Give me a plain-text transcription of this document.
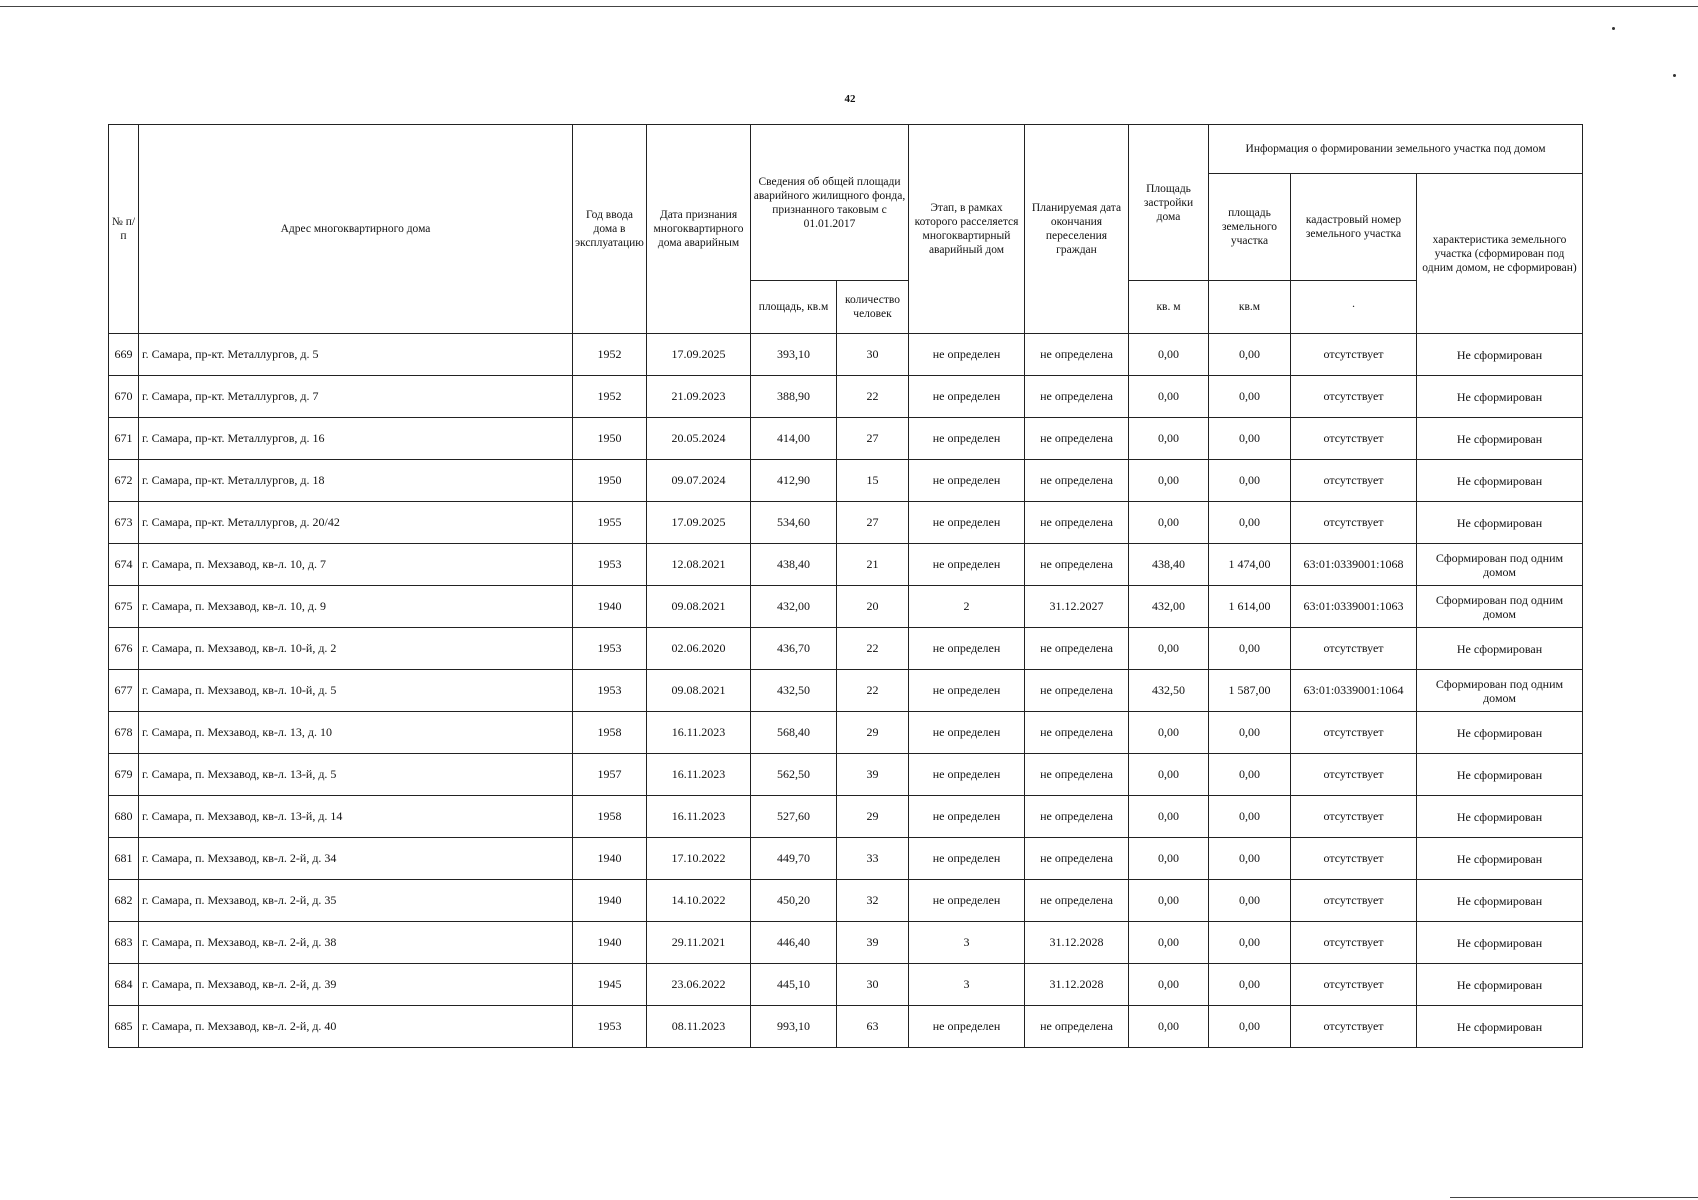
42
№ п/п	Адрес многоквартирного дома	Год ввода дома в эксплуатацию	Дата признания многоквартирного дома аварийным	Сведения об общей площади аварийного жилищного фонда, признанного таковым с 01.01.2017		Этап, в рамках которого расселяется многоквартирный аварийный дом	Планируемая дата окончания переселения граждан	Площадь застройки дома	Информация о формировании земельного участка под домом		
									площадь земельного участка	кадастровый номер земельного участка	характеристика земельного участка (сформирован под одним домом, не сформирован)
				площадь, кв.м	количество человек			кв. м	кв.м	·	
669	г. Самара, пр-кт. Металлургов, д. 5	1952	17.09.2025	393,10	30	не определен	не определена	0,00	0,00	отсутствует	Не сформирован
670	г. Самара, пр-кт. Металлургов, д. 7	1952	21.09.2023	388,90	22	не определен	не определена	0,00	0,00	отсутствует	Не сформирован
671	г. Самара, пр-кт. Металлургов, д. 16	1950	20.05.2024	414,00	27	не определен	не определена	0,00	0,00	отсутствует	Не сформирован
672	г. Самара, пр-кт. Металлургов, д. 18	1950	09.07.2024	412,90	15	не определен	не определена	0,00	0,00	отсутствует	Не сформирован
673	г. Самара, пр-кт. Металлургов, д. 20/42	1955	17.09.2025	534,60	27	не определен	не определена	0,00	0,00	отсутствует	Не сформирован
674	г. Самара, п. Мехзавод, кв-л. 10, д. 7	1953	12.08.2021	438,40	21	не определен	не определена	438,40	1 474,00	63:01:0339001:1068	Сформирован под одним домом
675	г. Самара, п. Мехзавод, кв-л. 10, д. 9	1940	09.08.2021	432,00	20	2	31.12.2027	432,00	1 614,00	63:01:0339001:1063	Сформирован под одним домом
676	г. Самара, п. Мехзавод, кв-л. 10-й, д. 2	1953	02.06.2020	436,70	22	не определен	не определена	0,00	0,00	отсутствует	Не сформирован
677	г. Самара, п. Мехзавод, кв-л. 10-й, д. 5	1953	09.08.2021	432,50	22	не определен	не определена	432,50	1 587,00	63:01:0339001:1064	Сформирован под одним домом
678	г. Самара, п. Мехзавод, кв-л. 13, д. 10	1958	16.11.2023	568,40	29	не определен	не определена	0,00	0,00	отсутствует	Не сформирован
679	г. Самара, п. Мехзавод, кв-л. 13-й, д. 5	1957	16.11.2023	562,50	39	не определен	не определена	0,00	0,00	отсутствует	Не сформирован
680	г. Самара, п. Мехзавод, кв-л. 13-й, д. 14	1958	16.11.2023	527,60	29	не определен	не определена	0,00	0,00	отсутствует	Не сформирован
681	г. Самара, п. Мехзавод, кв-л. 2-й, д. 34	1940	17.10.2022	449,70	33	не определен	не определена	0,00	0,00	отсутствует	Не сформирован
682	г. Самара, п. Мехзавод, кв-л. 2-й, д. 35	1940	14.10.2022	450,20	32	не определен	не определена	0,00	0,00	отсутствует	Не сформирован
683	г. Самара, п. Мехзавод, кв-л. 2-й, д. 38	1940	29.11.2021	446,40	39	3	31.12.2028	0,00	0,00	отсутствует	Не сформирован
684	г. Самара, п. Мехзавод, кв-л. 2-й, д. 39	1945	23.06.2022	445,10	30	3	31.12.2028	0,00	0,00	отсутствует	Не сформирован
685	г. Самара, п. Мехзавод, кв-л. 2-й, д. 40	1953	08.11.2023	993,10	63	не определен	не определена	0,00	0,00	отсутствует	Не сформирован
